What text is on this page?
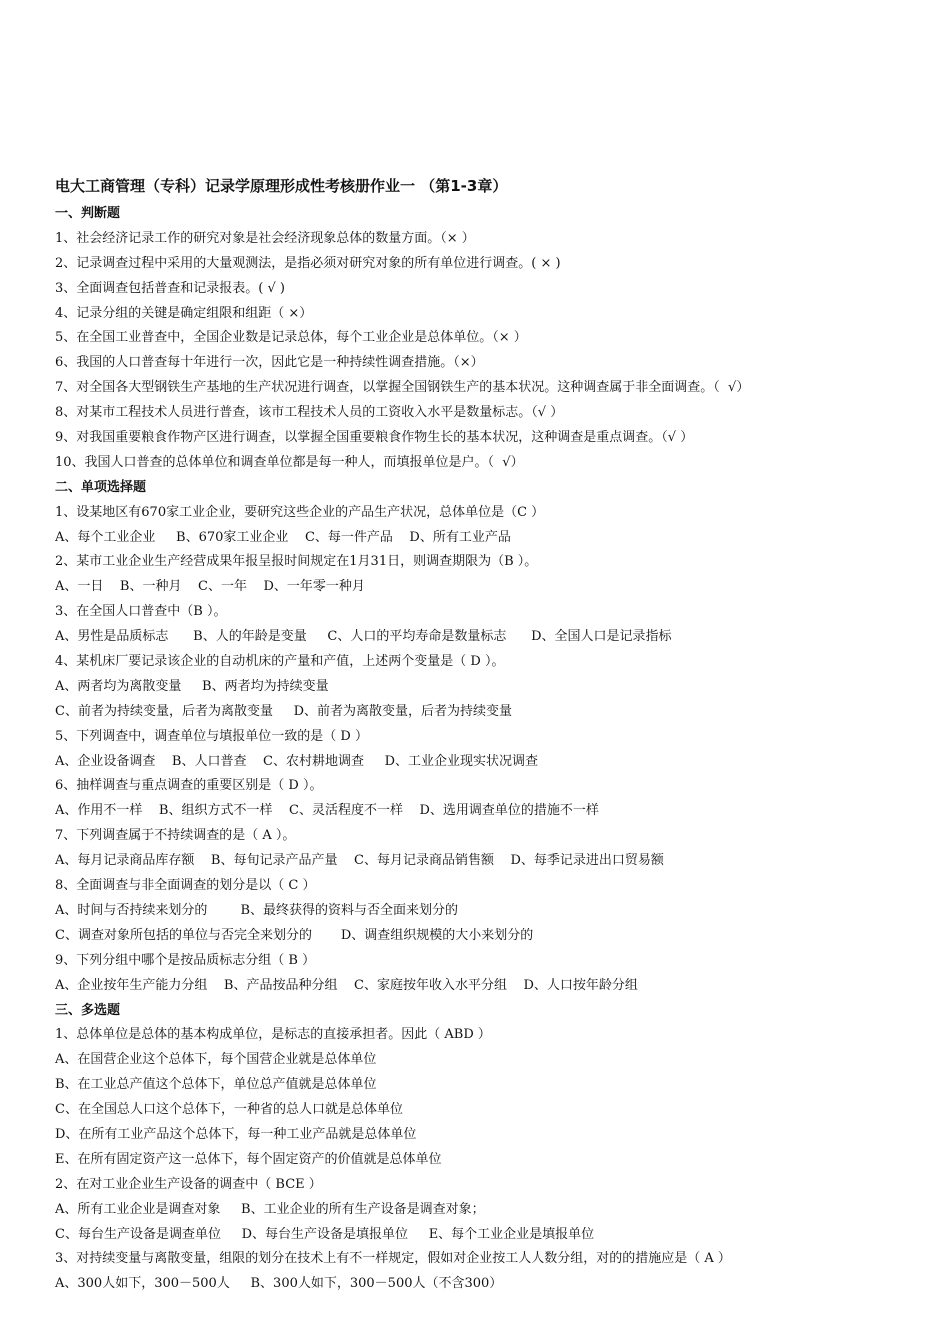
电大工商管理（专科）记录学原理形成性考核册作业一 （第1-3章）
一、判断题
1、社会经济记录工作的研究对象是社会经济现象总体的数量方面。（× ）
2、记录调查过程中采用的大量观测法，是指必须对研究对象的所有单位进行调查。( × )
3、全面调查包括普查和记录报表。( √ )
4、记录分组的关键是确定组限和组距（ ×）
5、在全国工业普查中，全国企业数是记录总体，每个工业企业是总体单位。（× ）
6、我国的人口普查每十年进行一次，因此它是一种持续性调查措施。（×）
7、对全国各大型钢铁生产基地的生产状况进行调查，以掌握全国钢铁生产的基本状况。这种调查属于非全面调查。（  √）
8、对某市工程技术人员进行普查，该市工程技术人员的工资收入水平是数量标志。（√ ）
9、对我国重要粮食作物产区进行调查，以掌握全国重要粮食作物生长的基本状况，这种调查是重点调查。（√ ）
10、我国人口普查的总体单位和调查单位都是每一种人，而填报单位是户。（  √）
二、单项选择题
1、设某地区有670家工业企业，要研究这些企业的产品生产状况，总体单位是（C ）
A、每个工业企业     B、670家工业企业    C、每一件产品    D、所有工业产品
2、某市工业企业生产经营成果年报呈报时间规定在1月31日，则调查期限为（B ）。
A、一日    B、一种月    C、一年    D、一年零一种月
3、在全国人口普查中（B ）。
A、男性是品质标志      B、人的年龄是变量     C、人口的平均寿命是数量标志      D、全国人口是记录指标
4、某机床厂要记录该企业的自动机床的产量和产值，上述两个变量是（ D ）。
A、两者均为离散变量     B、两者均为持续变量
C、前者为持续变量，后者为离散变量     D、前者为离散变量，后者为持续变量
5、下列调查中，调查单位与填报单位一致的是（ D ）
A、企业设备调查    B、人口普查    C、农村耕地调查     D、工业企业现实状况调查
6、抽样调查与重点调查的重要区别是（ D ）。
A、作用不一样    B、组织方式不一样    C、灵活程度不一样    D、选用调查单位的措施不一样
7、下列调查属于不持续调查的是（ A ）。
A、每月记录商品库存额    B、每旬记录产品产量    C、每月记录商品销售额    D、每季记录进出口贸易额
8、全面调查与非全面调查的划分是以（ C ）
A、时间与否持续来划分的        B、最终获得的资料与否全面来划分的
C、调查对象所包括的单位与否完全来划分的       D、调查组织规模的大小来划分的
9、下列分组中哪个是按品质标志分组（ B ）
A、企业按年生产能力分组    B、产品按品种分组    C、家庭按年收入水平分组    D、人口按年龄分组
三、多选题
1、总体单位是总体的基本构成单位，是标志的直接承担者。因此（ ABD ）
A、在国营企业这个总体下，每个国营企业就是总体单位
B、在工业总产值这个总体下，单位总产值就是总体单位
C、在全国总人口这个总体下，一种省的总人口就是总体单位
D、在所有工业产品这个总体下，每一种工业产品就是总体单位
E、在所有固定资产这一总体下，每个固定资产的价值就是总体单位
2、在对工业企业生产设备的调查中（ BCE ）
A、所有工业企业是调查对象     B、工业企业的所有生产设备是调查对象；
C、每台生产设备是调查单位     D、每台生产设备是填报单位     E、每个工业企业是填报单位
3、对持续变量与离散变量，组限的划分在技术上有不一样规定，假如对企业按工人人数分组，对的的措施应是（ A ）
A、300人如下，300－500人     B、300人如下，300－500人（不含300）
